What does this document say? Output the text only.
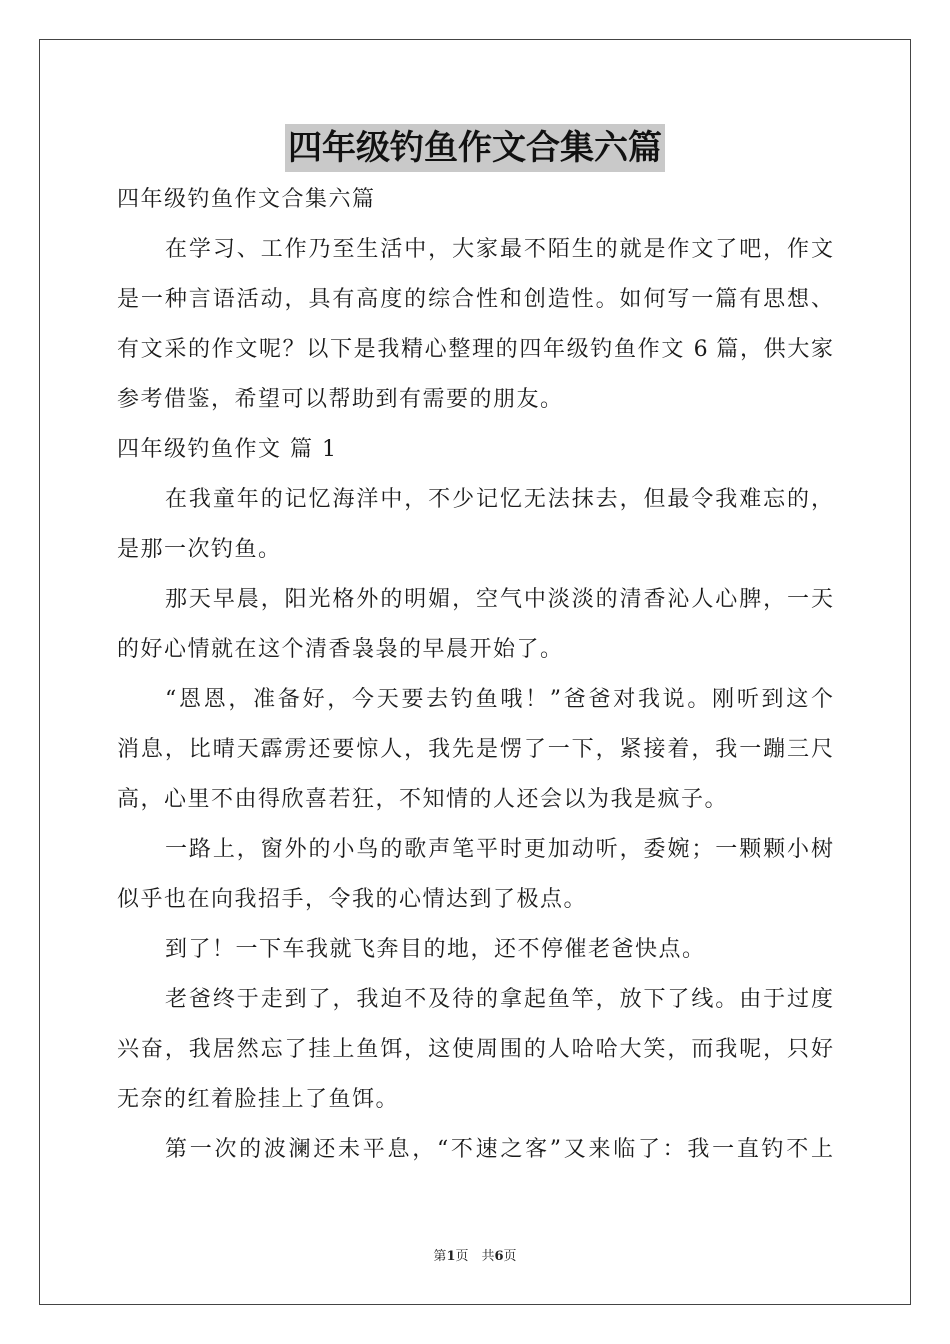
四年级钓鱼作文合集六篇
四年级钓鱼作文合集六篇
在学习、工作乃至生活中，大家最不陌生的就是作文了吧，作文
是一种言语活动，具有高度的综合性和创造性。如何写一篇有思想、
有文采的作文呢？以下是我精心整理的四年级钓鱼作文 6 篇，供大家
参考借鉴，希望可以帮助到有需要的朋友。
四年级钓鱼作文 篇 1
在我童年的记忆海洋中，不少记忆无法抹去，但最令我难忘的，
是那一次钓鱼。
那天早晨，阳光格外的明媚，空气中淡淡的清香沁人心脾，一天
的好心情就在这个清香袅袅的早晨开始了。
“恩恩，准备好，今天要去钓鱼哦！”爸爸对我说。刚听到这个
消息，比晴天霹雳还要惊人，我先是愣了一下，紧接着，我一蹦三尺
高，心里不由得欣喜若狂，不知情的人还会以为我是疯子。
一路上，窗外的小鸟的歌声笔平时更加动听，委婉；一颗颗小树
似乎也在向我招手，令我的心情达到了极点。
到了！一下车我就飞奔目的地，还不停催老爸快点。
老爸终于走到了，我迫不及待的拿起鱼竿，放下了线。由于过度
兴奋，我居然忘了挂上鱼饵，这使周围的人哈哈大笑，而我呢，只好
无奈的红着脸挂上了鱼饵。
第一次的波澜还未平息，“不速之客”又来临了：我一直钓不上
第1页　共6页
